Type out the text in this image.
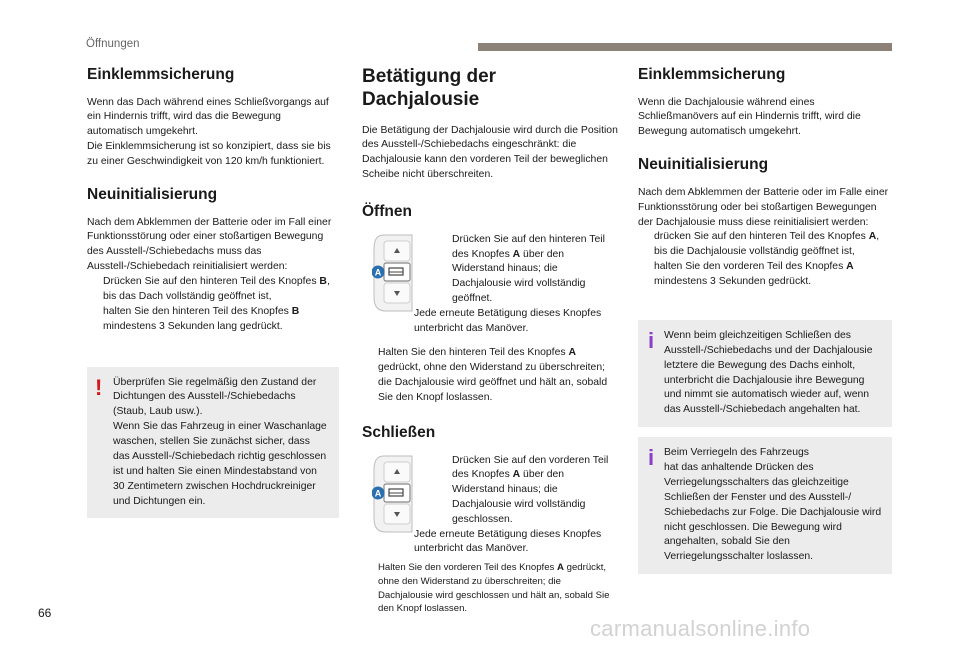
Öffnungen
Einklemmsicherung

Wenn das Dach während eines Schließvorgangs auf ein Hindernis trifft, wird das die Bewegung automatisch umgekehrt.

Die Einklemmsicherung ist so konzipiert, dass sie bis zu einer Geschwindigkeit von 120 km/h funktioniert.

Neuinitialisierung

Nach dem Abklemmen der Batterie oder im Fall einer Funktionsstörung oder einer stoßartigen Bewegung des Ausstell-/Schiebedachs muss das Ausstell-/Schiebedach reinitialisiert werden:

Drücken Sie auf den hinteren Teil des Knopfes B, bis das Dach vollständig geöffnet ist,
halten Sie den hinteren Teil des Knopfes B mindestens 3 Sekunden lang gedrückt.
! Überprüfen Sie regelmäßig den Zustand der Dichtungen des Ausstell-/Schiebedachs (Staub, Laub usw.).
Wenn Sie das Fahrzeug in einer Waschanlage waschen, stellen Sie zunächst sicher, dass das Ausstell-/Schiebedach richtig geschlossen ist und halten Sie einen Mindestabstand von 30 Zentimetern zwischen Hochdruckreiniger und Dichtungen ein.
Betätigung der Dachjalousie

Die Betätigung der Dachjalousie wird durch die Position des Ausstell-/Schiebedachs eingeschränkt: die Dachjalousie kann den vorderen Teil der beweglichen Scheibe nicht überschreiten.

Öffnen
A
Drücken Sie auf den hinteren Teil des Knopfes A über den Widerstand hinaus; die Dachjalousie wird vollständig geöffnet.

Jede erneute Betätigung dieses Knopfes unterbricht das Manöver.

Halten Sie den hinteren Teil des Knopfes A gedrückt, ohne den Widerstand zu überschreiten; die Dachjalousie wird geöffnet und hält an, sobald Sie den Knopf loslassen.
Schließen
A
Drücken Sie auf den vorderen Teil des Knopfes A über den Widerstand hinaus; die Dachjalousie wird vollständig geschlossen.

Jede erneute Betätigung dieses Knopfes unterbricht das Manöver.

Halten Sie den vorderen Teil des Knopfes A gedrückt, ohne den Widerstand zu überschreiten; die Dachjalousie wird geschlossen und hält an, sobald Sie den Knopf loslassen.
Einklemmsicherung

Wenn die Dachjalousie während eines Schließmanövers auf ein Hindernis trifft, wird die Bewegung automatisch umgekehrt.

Neuinitialisierung

Nach dem Abklemmen der Batterie oder im Falle einer Funktionsstörung oder bei stoßartigen Bewegungen der Dachjalousie muss diese reinitialisiert werden:

drücken Sie auf den hinteren Teil des Knopfes A, bis die Dachjalousie vollständig geöffnet ist,
halten Sie den vorderen Teil des Knopfes A mindestens 3 Sekunden gedrückt.
i Wenn beim gleichzeitigen Schließen des Ausstell-/Schiebedachs und der Dachjalousie letztere die Bewegung des Dachs einholt, unterbricht die Dachjalousie ihre Bewegung und nimmt sie automatisch wieder auf, wenn das Ausstell-/Schiebedach angehalten hat.
i Beim Verriegeln des Fahrzeugs
hat das anhaltende Drücken des Verriegelungsschalters das gleichzeitige Schließen der Fenster und des Ausstell-/ Schiebedachs zur Folge. Die Dachjalousie wird nicht geschlossen. Die Bewegung wird angehalten, sobald Sie den Verriegelungsschalter loslassen.
66
carmanualsonline.info
